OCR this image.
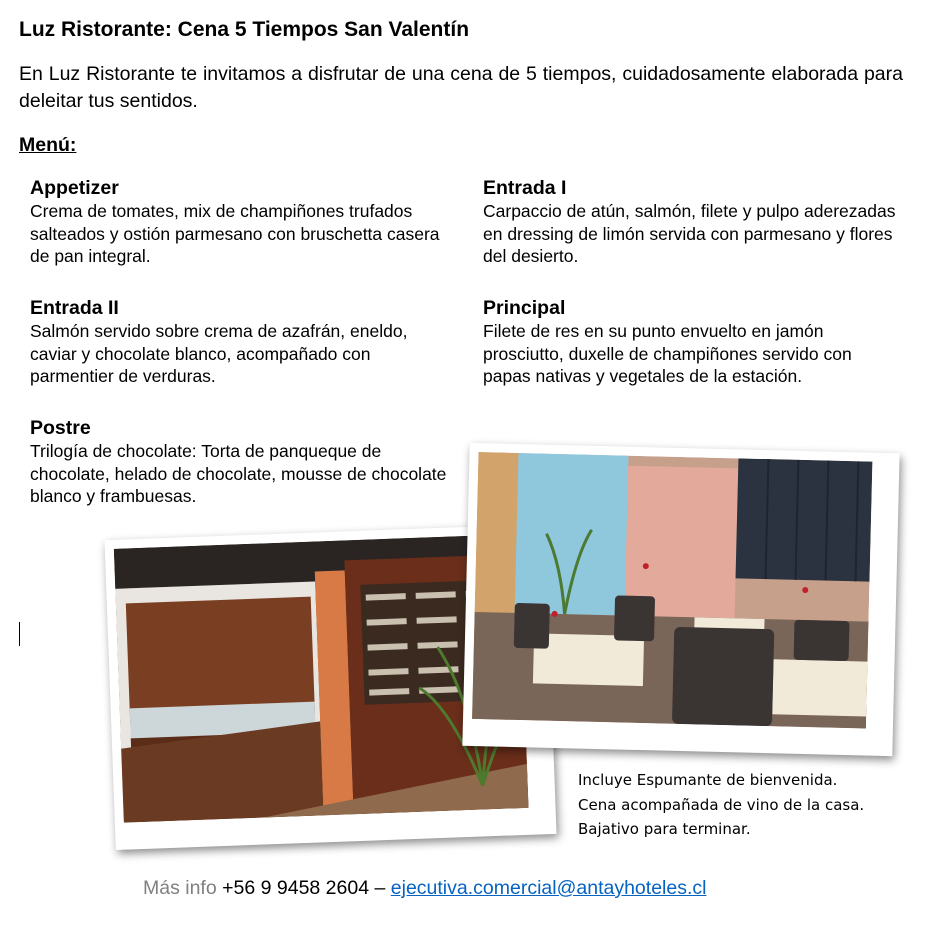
Luz Ristorante: Cena 5 Tiempos San Valentín
En Luz Ristorante te invitamos a disfrutar de una cena de 5 tiempos, cuidadosamente elaborada para deleitar tus sentidos.
Menú:
Appetizer

Crema de tomates, mix de champiñones trufados salteados y ostión parmesano con bruschetta casera de pan integral.

Entrada I

Carpaccio de atún, salmón, filete y pulpo aderezadas en dressing de limón servida con parmesano y flores del desierto.

Entrada II

Salmón servido sobre crema de azafrán, eneldo, caviar y chocolate blanco, acompañado con parmentier de verduras.

Principal

Filete de res en su punto envuelto en jamón prosciutto, duxelle de champiñones servido con papas nativas y vegetales de la estación.

Postre

Trilogía de chocolate: Torta de panqueque de chocolate, helado de chocolate, mousse de chocolate blanco y frambuesas.

Incluye Espumante de bienvenida.
Cena acompañada de vino de la casa.
Bajativo para terminar.
Más info +56 9 9458 2604 – ejecutiva.comercial@antayhoteles.cl
